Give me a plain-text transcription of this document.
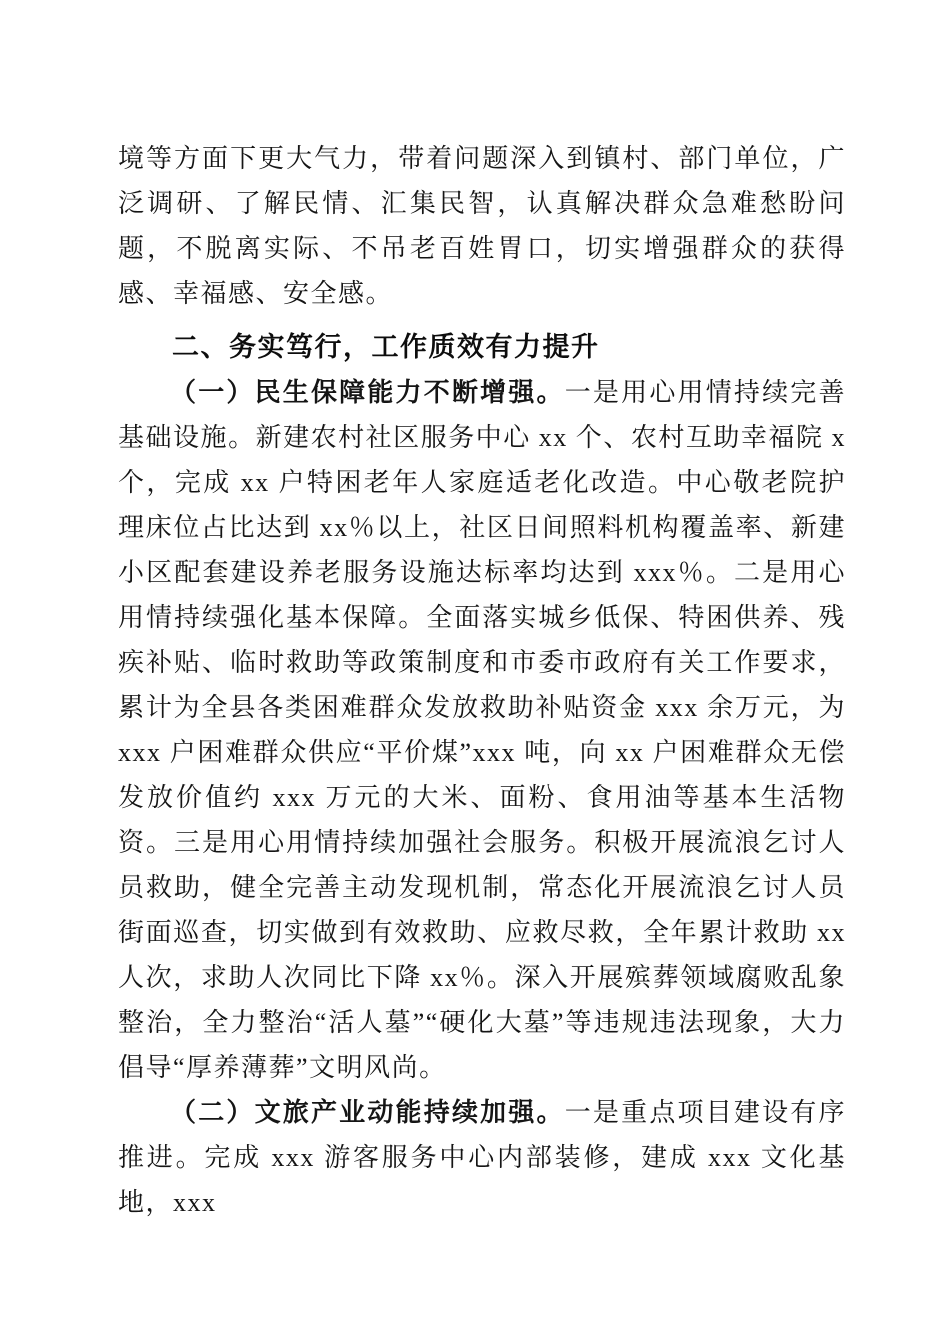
境等方面下更大气力，带着问题深入到镇村、部门单位，广泛调研、了解民情、汇集民智，认真解决群众急难愁盼问题，不脱离实际、不吊老百姓胃口，切实增强群众的获得感、幸福感、安全感。

二、务实笃行，工作质效有力提升

（一）民生保障能力不断增强。一是用心用情持续完善基础设施。新建农村社区服务中心 xx 个、农村互助幸福院 x 个，完成 xx 户特困老年人家庭适老化改造。中心敬老院护理床位占比达到 xx％以上，社区日间照料机构覆盖率、新建小区配套建设养老服务设施达标率均达到 xxx％。二是用心用情持续强化基本保障。全面落实城乡低保、特困供养、残疾补贴、临时救助等政策制度和市委市政府有关工作要求，累计为全县各类困难群众发放救助补贴资金 xxx 余万元，为 xxx 户困难群众供应“平价煤”xxx 吨，向 xx 户困难群众无偿发放价值约 xxx 万元的大米、面粉、食用油等基本生活物资。三是用心用情持续加强社会服务。积极开展流浪乞讨人员救助，健全完善主动发现机制，常态化开展流浪乞讨人员街面巡查，切实做到有效救助、应救尽救，全年累计救助 xx 人次，求助人次同比下降 xx％。深入开展殡葬领域腐败乱象整治，全力整治“活人墓”“硬化大墓”等违规违法现象，大力倡导“厚养薄葬”文明风尚。

（二）文旅产业动能持续加强。一是重点项目建设有序推进。完成 xxx 游客服务中心内部装修，建成 xxx 文化基地，xxx
